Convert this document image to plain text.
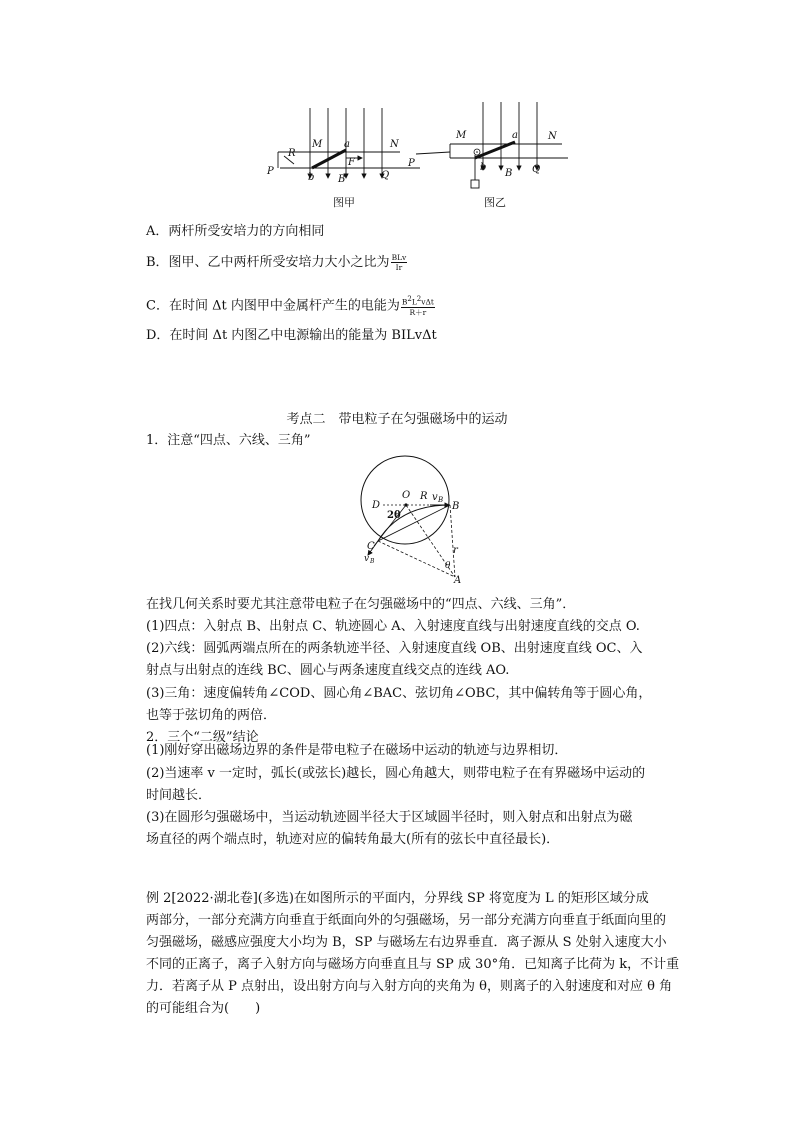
M a	N
R
P
F
b B	Q
M	a	N
P	b
B Q
图甲	图乙
A．两杆所受安培力的方向相同
B．图甲、乙中两杆所受安培力大小之比为 $\frac{\text{BLv}}{Ir}$
C．在时间 Δt 内图甲中金属杆产生的电能为 $\frac{B^2L^2v\Delta t}{R+r}$
D．在时间 Δt 内图乙中电源输出的能量为 BILvΔt
考点二　带电粒子在匀强磁场中的运动
1．注意“四点、六线、三角”
O R v B
D	B
2θ
C	r
θ
A
v B
在找几何关系时要尤其注意带电粒子在匀强磁场中的“四点、六线、三角”．
(1)四点：入射点 B、出射点 C、轨迹圆心 A、入射速度直线与出射速度直线的交点 O.
(2)六线：圆弧两端点所在的两条轨迹半径、入射速度直线 OB、出射速度直线 OC、入
射点与出射点的连线 BC、圆心与两条速度直线交点的连线 AO.
(3)三角：速度偏转角∠COD、圆心角∠BAC、弦切角∠OBC，其中偏转角等于圆心角，
也等于弦切角的两倍．
2．三个“二级”结论
(1)刚好穿出磁场边界的条件是带电粒子在磁场中运动的轨迹与边界相切．
(2)当速率 v 一定时，弧长(或弦长)越长，圆心角越大，则带电粒子在有界磁场中运动的
时间越长．
(3)在圆形匀强磁场中，当运动轨迹圆半径大于区域圆半径时，则入射点和出射点为磁
场直径的两个端点时，轨迹对应的偏转角最大(所有的弦长中直径最长)．
例 2[2022·湖北卷](多选)在如图所示的平面内，分界线 SP 将宽度为 L 的矩形区域分成
两部分，一部分充满方向垂直于纸面向外的匀强磁场，另一部分充满方向垂直于纸面向里的
匀强磁场，磁感应强度大小均为 B，SP 与磁场左右边界垂直．离子源从 S 处射入速度大小
不同的正离子，离子入射方向与磁场方向垂直且与 SP 成 30°角．已知离子比荷为 k，不计重
力．若离子从 P 点射出，设出射方向与入射方向的夹角为 θ，则离子的入射速度和对应 θ 角
的可能组合为(　　)
